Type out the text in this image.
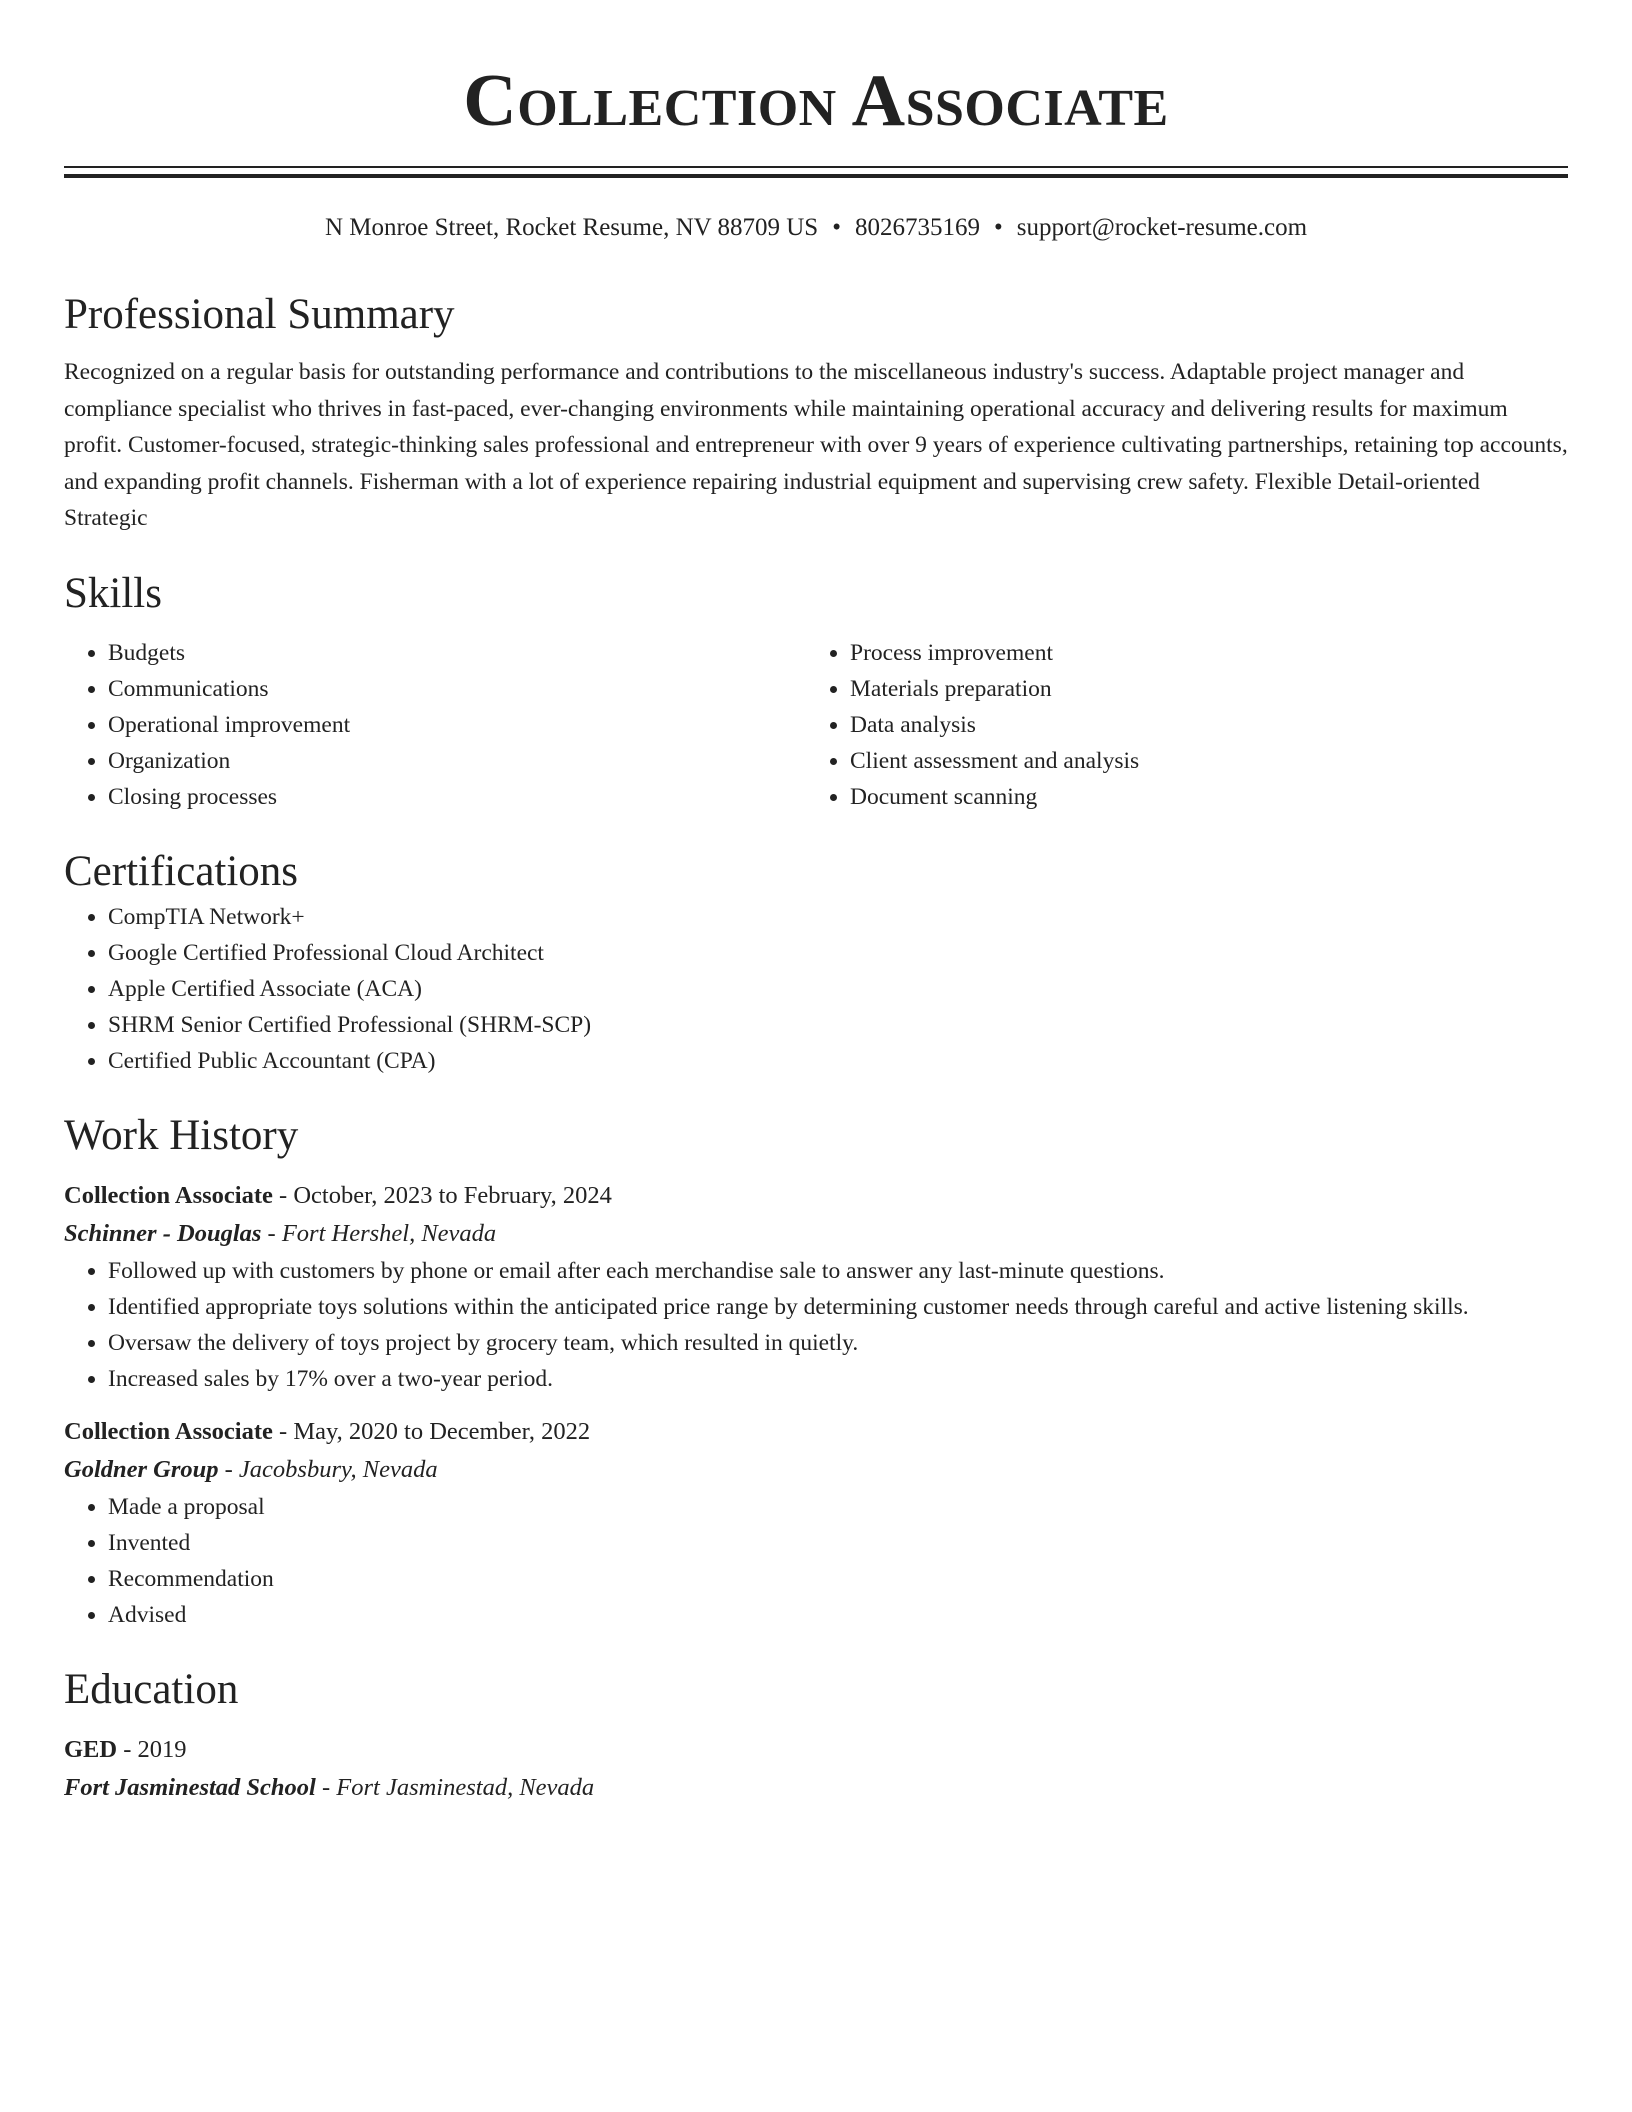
Collection Associate
N Monroe Street, Rocket Resume, NV 88709 US • 8026735169 • support@rocket-resume.com
Professional Summary
Recognized on a regular basis for outstanding performance and contributions to the miscellaneous industry's success. Adaptable project manager and compliance specialist who thrives in fast-paced, ever-changing environments while maintaining operational accuracy and delivering results for maximum profit. Customer-focused, strategic-thinking sales professional and entrepreneur with over 9 years of experience cultivating partnerships, retaining top accounts, and expanding profit channels. Fisherman with a lot of experience repairing industrial equipment and supervising crew safety. Flexible Detail-oriented Strategic
Skills
• Budgets
• Communications
• Operational improvement
• Organization
• Closing processes
• Process improvement
• Materials preparation
• Data analysis
• Client assessment and analysis
• Document scanning
Certifications
• CompTIA Network+
• Google Certified Professional Cloud Architect
• Apple Certified Associate (ACA)
• SHRM Senior Certified Professional (SHRM-SCP)
• Certified Public Accountant (CPA)
Work History
Collection Associate - October, 2023 to February, 2024
Schinner - Douglas - Fort Hershel, Nevada
• Followed up with customers by phone or email after each merchandise sale to answer any last-minute questions.
• Identified appropriate toys solutions within the anticipated price range by determining customer needs through careful and active listening skills.
• Oversaw the delivery of toys project by grocery team, which resulted in quietly.
• Increased sales by 17% over a two-year period.
Collection Associate - May, 2020 to December, 2022
Goldner Group - Jacobsbury, Nevada
• Made a proposal
• Invented
• Recommendation
• Advised
Education
GED - 2019
Fort Jasminestad School - Fort Jasminestad, Nevada
